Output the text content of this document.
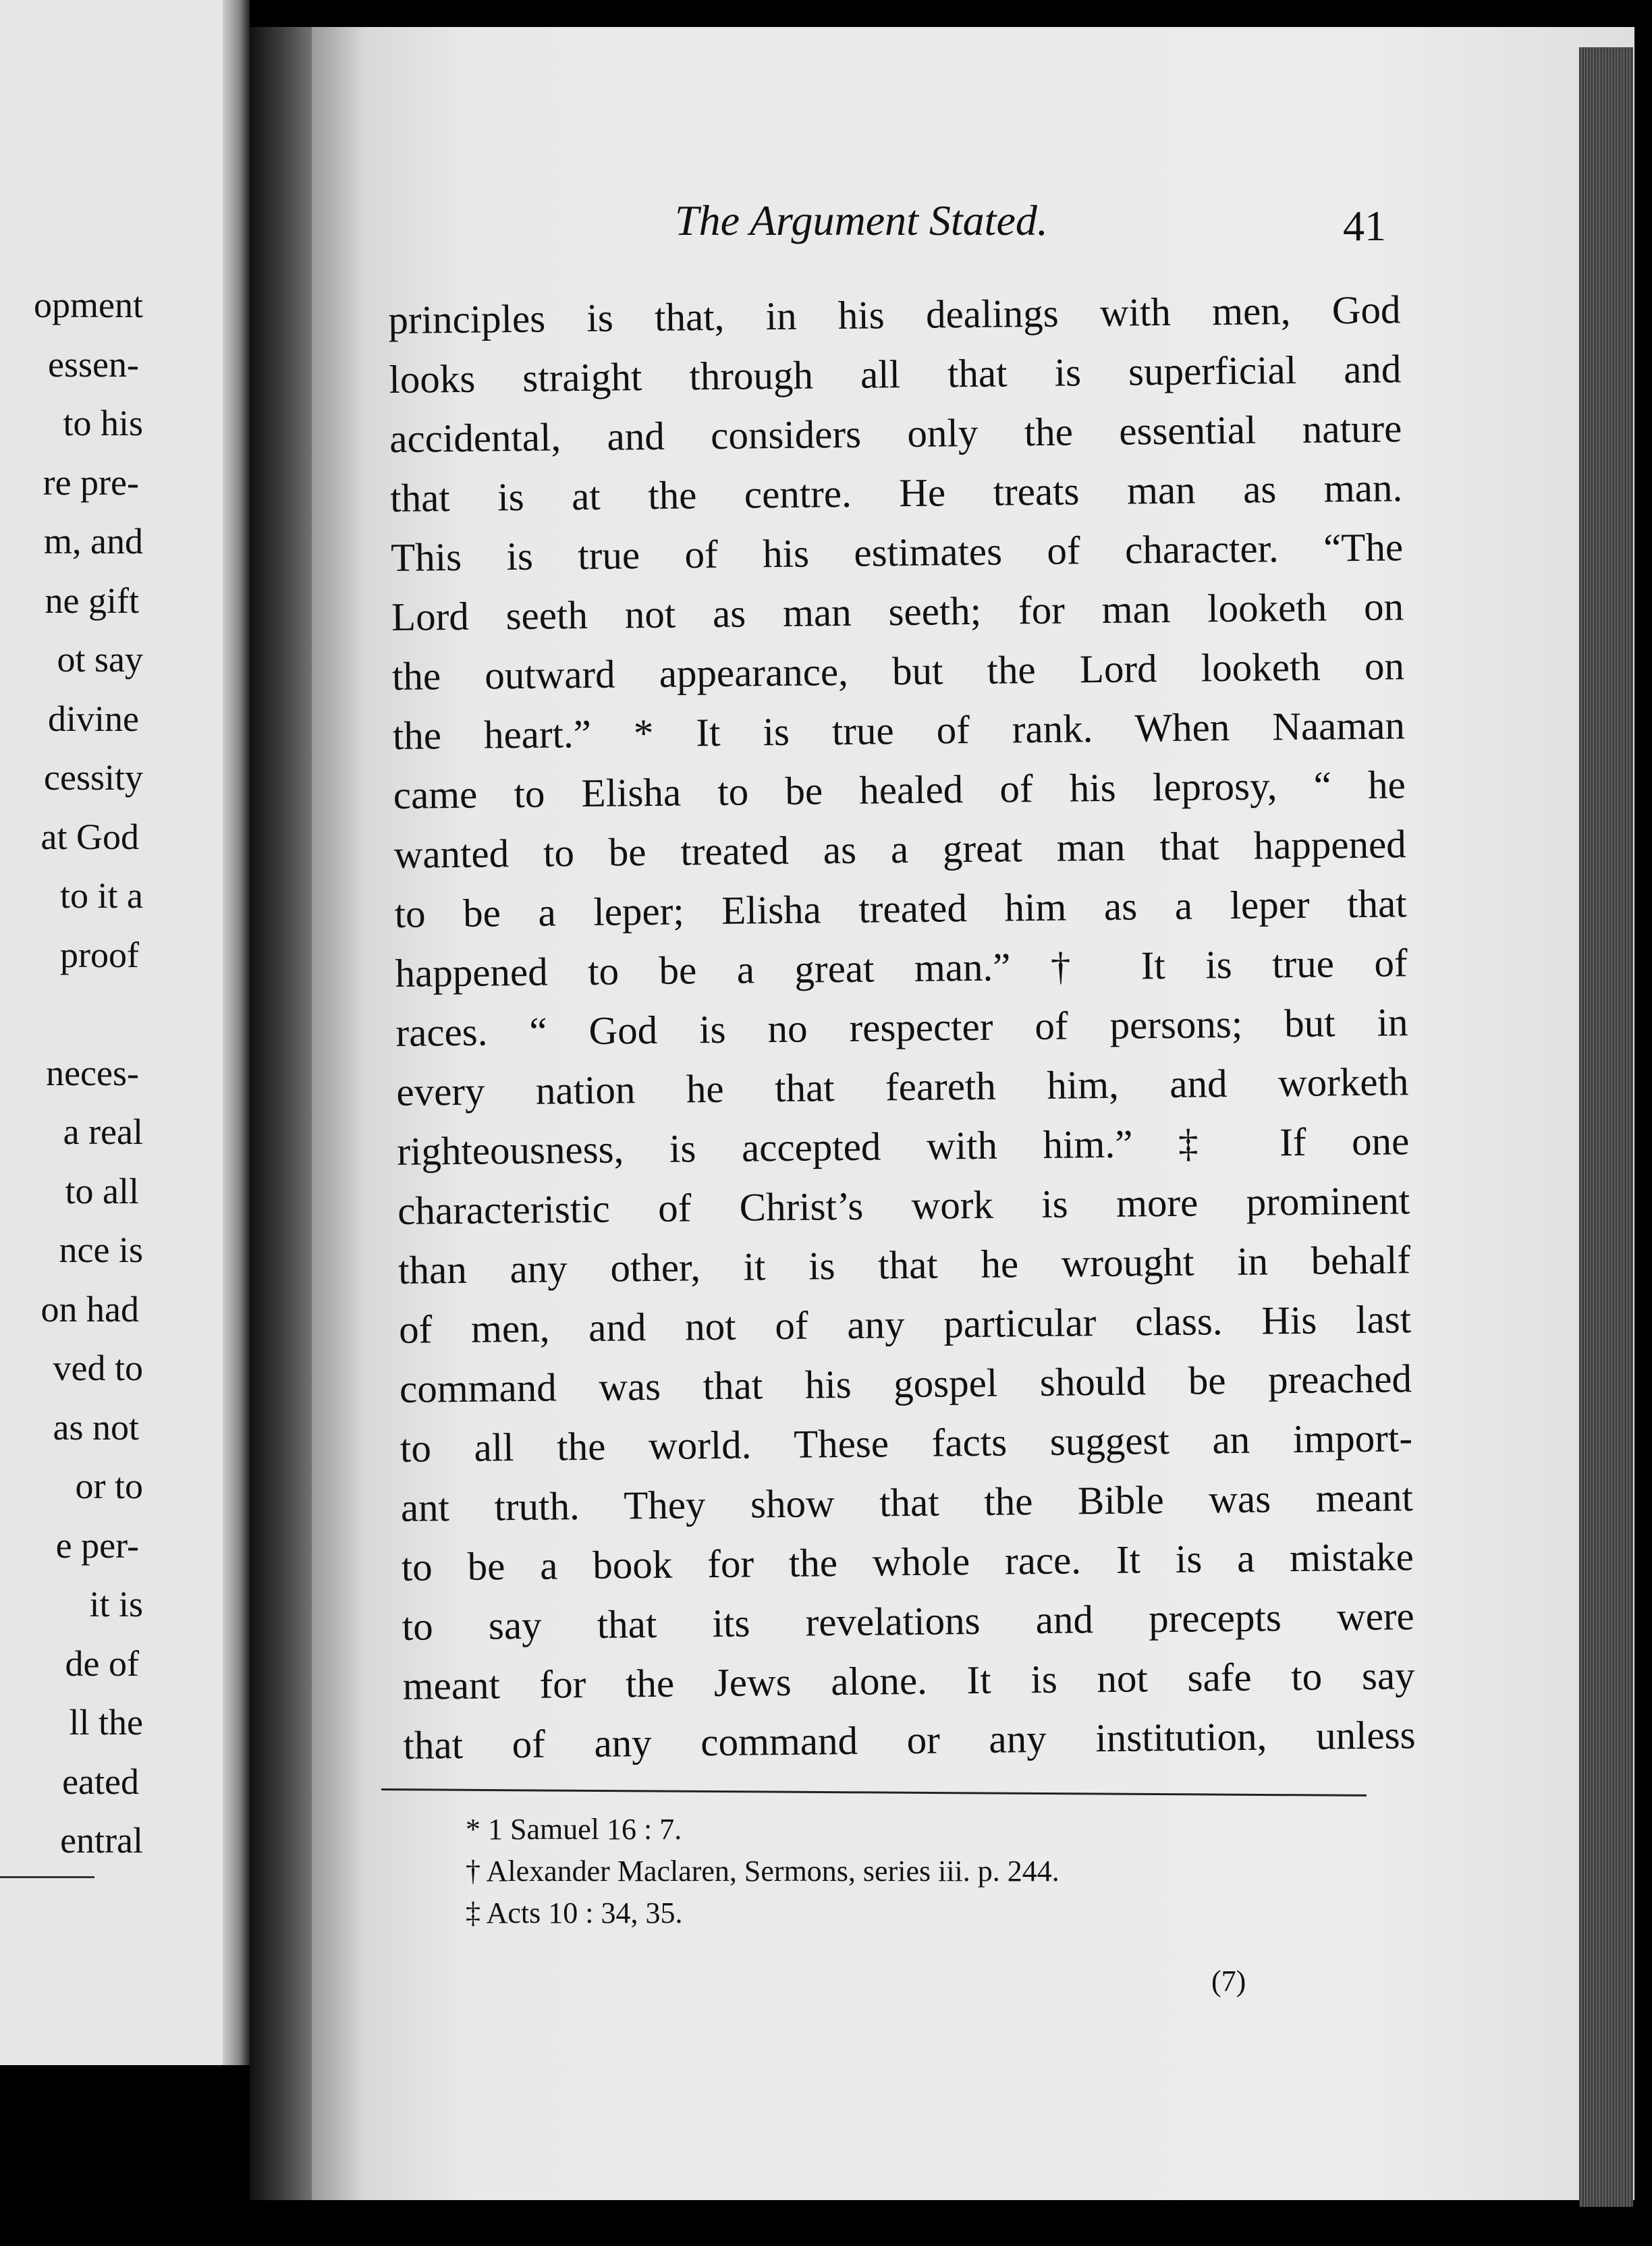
opment
essen-
to his
re pre-
m, and
ne gift
ot say
divine
cessity
at God
to it a
proof
neces-
a real
to all
nce is
on had
ved to
as not
or to
e per-
it is
de of
ll the
eated
entral
The Argument Stated.	41
principles is that, in his dealings with men, God
looks straight through all that is superficial and
accidental, and considers only the essential nature
that is at the centre. He treats man as man.
This is true of his estimates of character. “The
Lord seeth not as man seeth; for man looketh on
the outward appearance, but the Lord looketh on
the heart.” * It is true of rank. When Naaman
came to Elisha to be healed of his leprosy, “ he
wanted to be treated as a great man that happened
to be a leper; Elisha treated him as a leper that
happened to be a great man.” † It is true of
races. “ God is no respecter of persons; but in
every nation he that feareth him, and worketh
righteousness, is accepted with him.” ‡ If one
characteristic of Christ’s work is more prominent
than any other, it is that he wrought in behalf
of men, and not of any particular class. His last
command was that his gospel should be preached
to all the world. These facts suggest an import-
ant truth. They show that the Bible was meant
to be a book for the whole race. It is a mistake
to say that its revelations and precepts were
meant for the Jews alone. It is not safe to say
that of any command or any institution, unless
* 1 Samuel 16 : 7.
† Alexander Maclaren, Sermons, series iii. p. 244.
‡ Acts 10 : 34, 35.
(7)
